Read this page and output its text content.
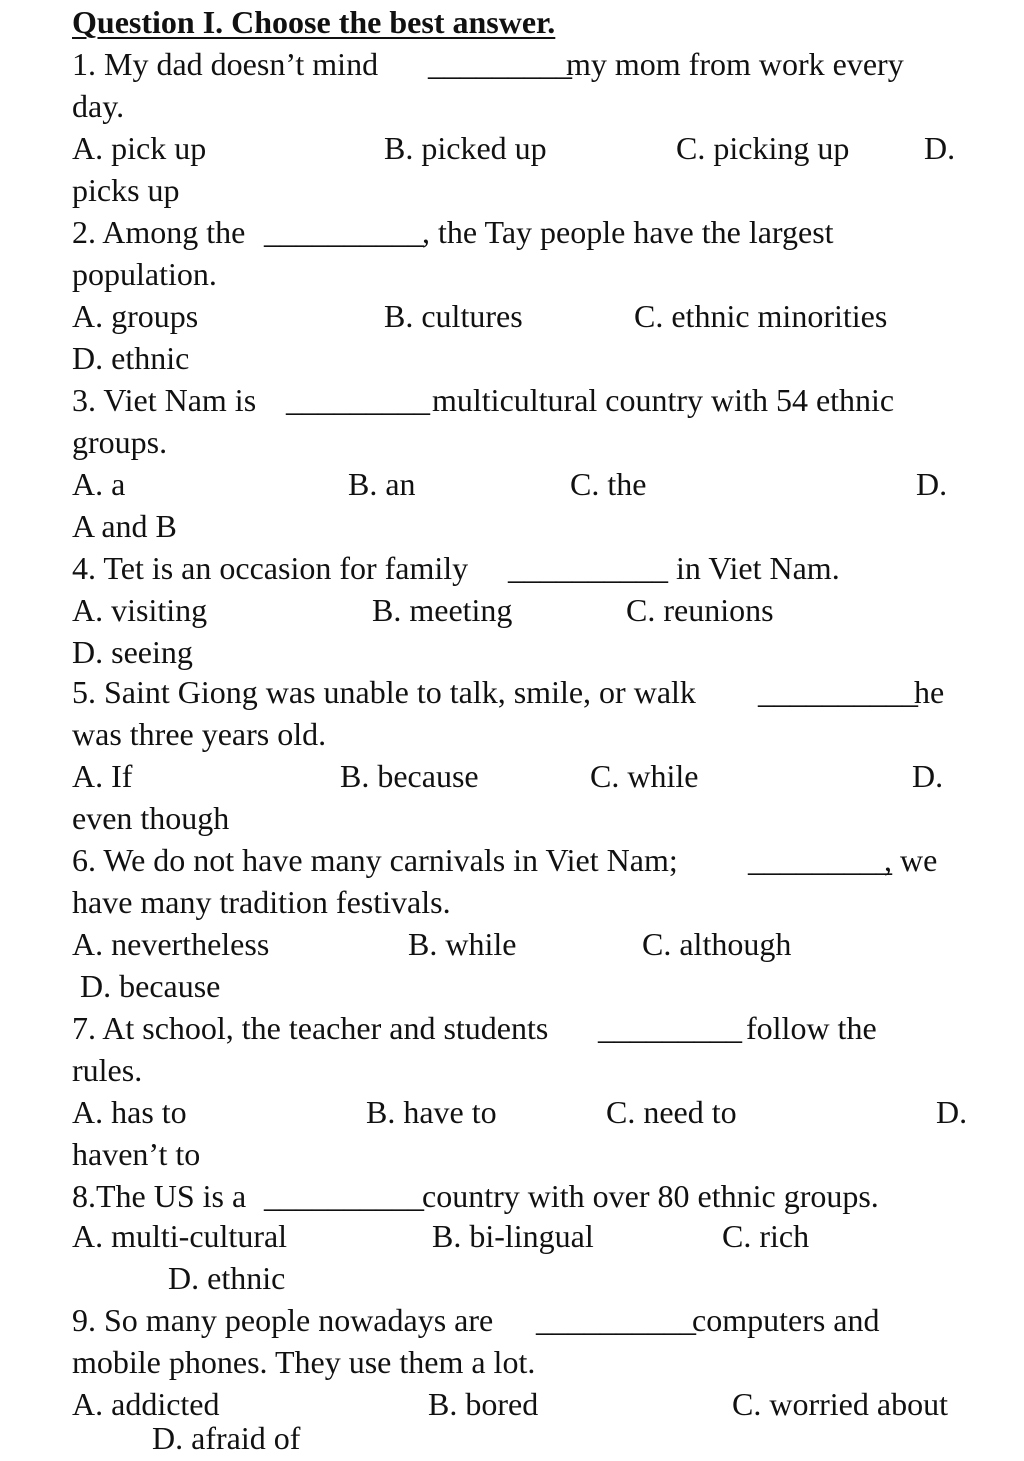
Question I. Choose the best answer.
1. My dad doesn’t mind _________
my mom from work every
day.
A. pick up	B. picked up	C. picking up D.
picks up
2. Among the __________
, the Tay people have the largest
population.
A. groups	B. cultures	C. ethnic minorities
D. ethnic
3. Viet Nam is _________ multicultural country with 54 ethnic
groups.
A. a	B. an	C. the	D.
A and B
4. Tet is an occasion for family __________ in Viet Nam.
A. visiting	B. meeting	C. reunions
D. seeing
5. Saint Giong was unable to talk, smile, or walk __________
he
was three years old.
A. If	B. because	C. while	D.
even though
6. We do not have many carnivals in Viet Nam; _________
, we
have many tradition festivals.
A. nevertheless	B. while	C. although
D. because
7. At school, the teacher and students _________ follow the
rules.
A. has to	B. have to	C. need to	D.
haven’t to
8.The US is a __________
country with over 80 ethnic groups.
A. multi-cultural	B. bi-lingual	C. rich
D. ethnic
9. So many people nowadays are __________
computers and
mobile phones. They use them a lot.
A. addicted	B. bored	C. worried about
D. afraid of
